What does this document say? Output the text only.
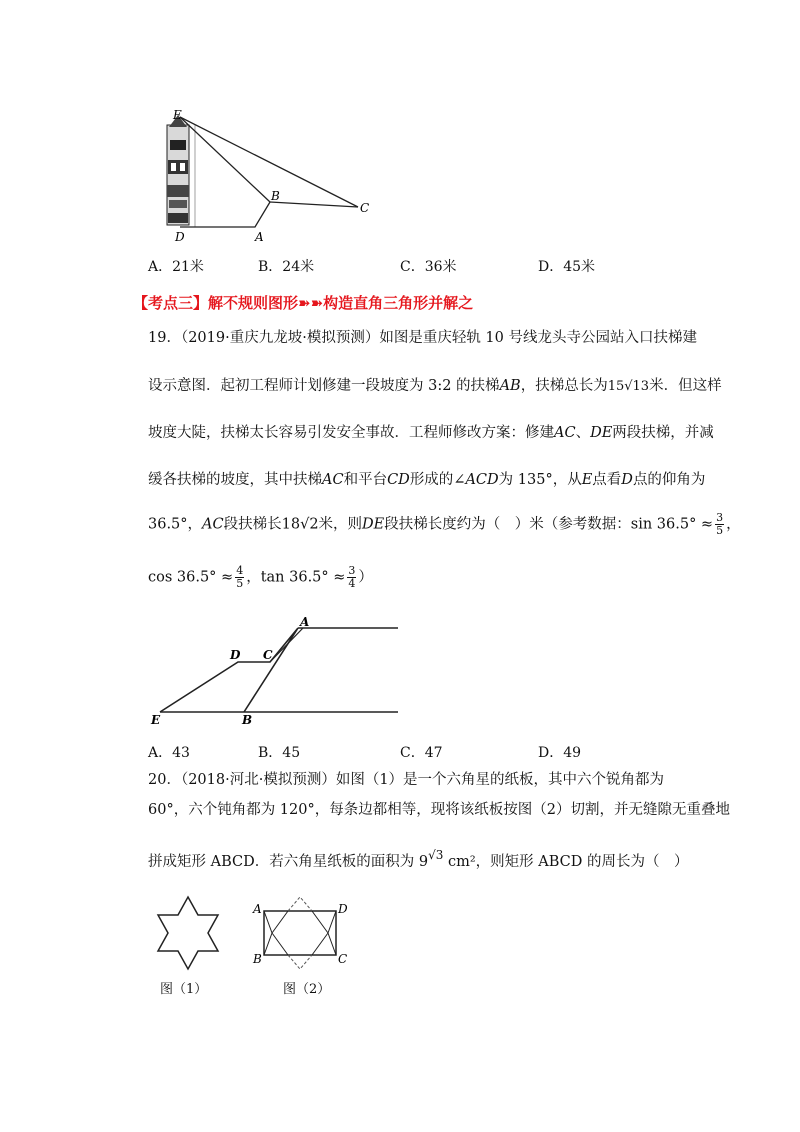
E
B
C
D	A
A．21米	B．24米	C．36米	D．45米
【考点三】解不规则图形➽➽构造直角三角形并解之
19．（2019·重庆九龙坡·模拟预测）如图是重庆轻轨 10 号线龙头寺公园站入口扶梯建
设示意图．起初工程师计划修建一段坡度为 3:2 的扶梯AB，扶梯总长为15√13米．但这样
坡度大陡，扶梯太长容易引发安全事故．工程师修改方案：修建AC、DE两段扶梯，并减
缓各扶梯的坡度，其中扶梯AC和平台CD形成的∠ACD为 135°，从E点看D点的仰角为
36.5°，AC段扶梯长18√2米，则DE段扶梯长度约为（　）米（参考数据：$\sin 36.5^\circ \approx \frac{3}{5}$ ，
$\cos 36.5^\circ \approx \frac{4}{5}$ ，$\tan 36.5^\circ \approx \frac{3}{4}$ ）
A
D C
E	B
A．43	B．45	C．47	D．49
20．（2018·河北·模拟预测）如图（1）是一个六角星的纸板，其中六个锐角都为
60°，六个钝角都为 120°，每条边都相等，现将该纸板按图（2）切割，并无缝隙无重叠地
拼成矩形 ABCD．若六角星纸板的面积为 $9^{√3}$ cm²，则矩形 ABCD 的周长为（　）
图（1）
A	D
B	C
图（2）
